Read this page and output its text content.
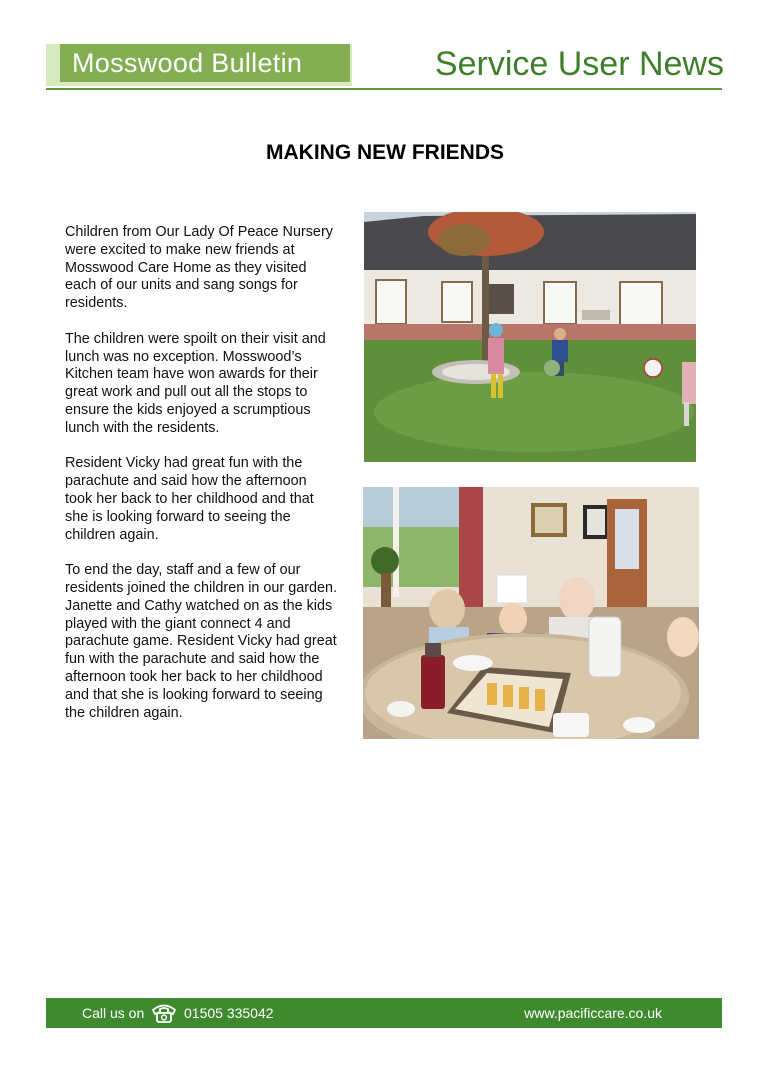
Mosswood Bulletin	Service User News
MAKING NEW FRIENDS

Children from Our Lady Of Peace Nursery were excited to make new friends at Mosswood Care Home as they visited each of our units and sang songs for residents.

The children were spoilt on their visit and lunch was no exception. Mosswood’s Kitchen team have won awards for their great work and pull out all the stops to ensure the kids enjoyed a scrumptious lunch with the residents.

Resident Vicky had great fun with the parachute and said how the afternoon took her back to her childhood and that she is looking forward to seeing the children again.

To end the day, staff and a few of our residents joined the children in our garden. Janette and Cathy watched on as the kids played with the giant connect 4 and parachute game. Resident Vicky had great fun with the parachute and said how the afternoon took her back to her childhood and that she is looking forward to seeing the children again.

Call us on	01505 335042	www.pacificcare.co.uk
